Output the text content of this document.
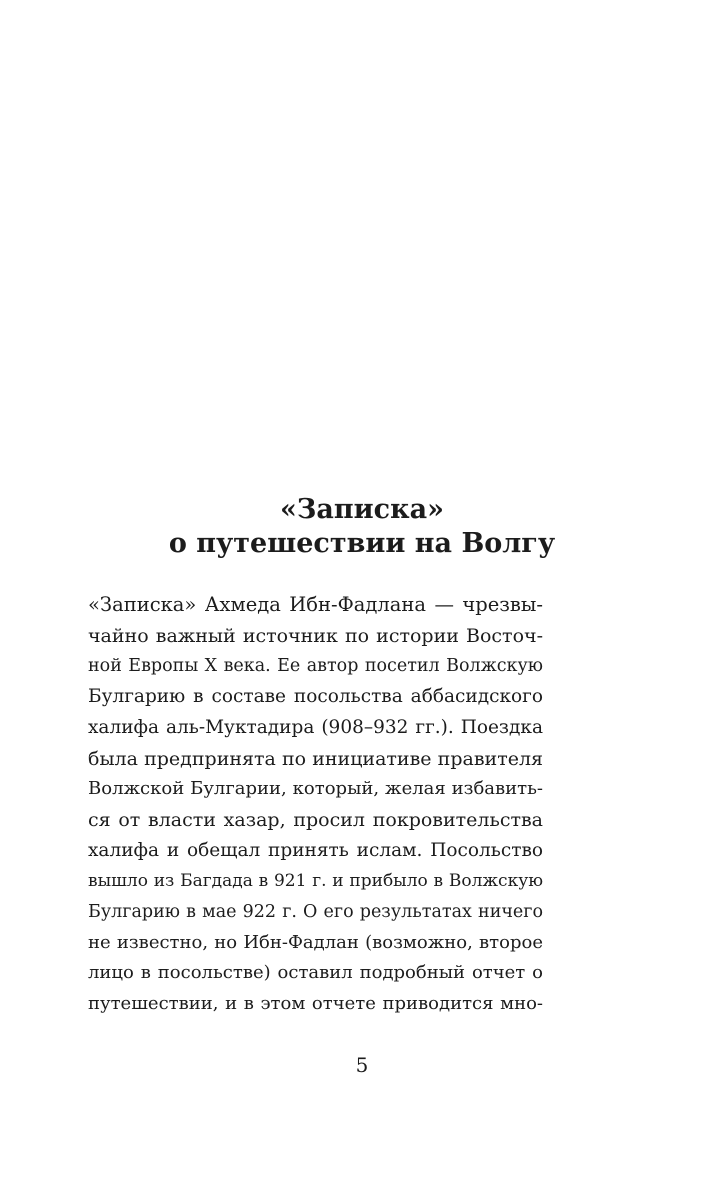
«Записка»
о путешествии на Волгу
«Записка» Ахмеда Ибн-Фадлана — чрезвы-
чайно важный источник по истории Восточ-
ной Европы X века. Ее автор посетил Волжскую
Булгарию в составе посольства аббасидского
халифа аль-Муктадира (908–932 гг.). Поездка
была предпринята по инициативе правителя
Волжской Булгарии, который, желая избавить-
ся от власти хазар, просил покровительства
халифа и обещал принять ислам. Посольство
вышло из Багдада в 921 г. и прибыло в Волжскую
Булгарию в мае 922 г. О его результатах ничего
не известно, но Ибн-Фадлан (возможно, второе
лицо в посольстве) оставил подробный отчет о
путешествии, и в этом отчете приводится мно-
5
